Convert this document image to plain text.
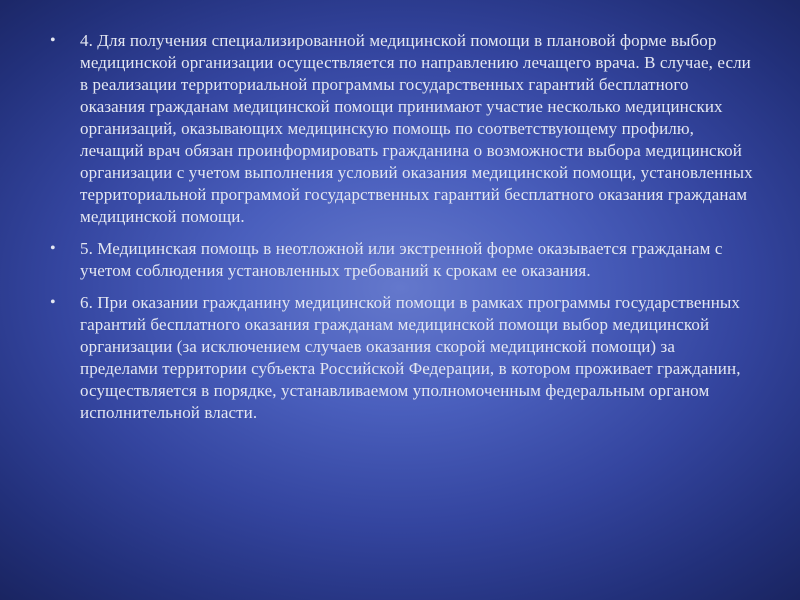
•	4. Для получения специализированной медицинской помощи в плановой форме выбор медицинской организации осуществляется по направлению лечащего врача. В случае, если в реализации территориальной программы государственных гарантий бесплатного оказания гражданам медицинской помощи принимают участие несколько медицинских организаций, оказывающих медицинскую помощь по соответствующему профилю, лечащий врач обязан проинформировать гражданина о возможности выбора медицинской организации с учетом выполнения условий оказания медицинской помощи, установленных территориальной программой государственных гарантий бесплатного оказания гражданам медицинской помощи.
•	5. Медицинская помощь в неотложной или экстренной форме оказывается гражданам с учетом соблюдения установленных требований к срокам ее оказания.
•	6. При оказании гражданину медицинской помощи в рамках программы государственных гарантий бесплатного оказания гражданам медицинской помощи выбор медицинской организации (за исключением случаев оказания скорой медицинской помощи) за пределами территории субъекта Российской Федерации, в котором проживает гражданин, осуществляется в порядке, устанавливаемом уполномоченным федеральным органом исполнительной власти.
